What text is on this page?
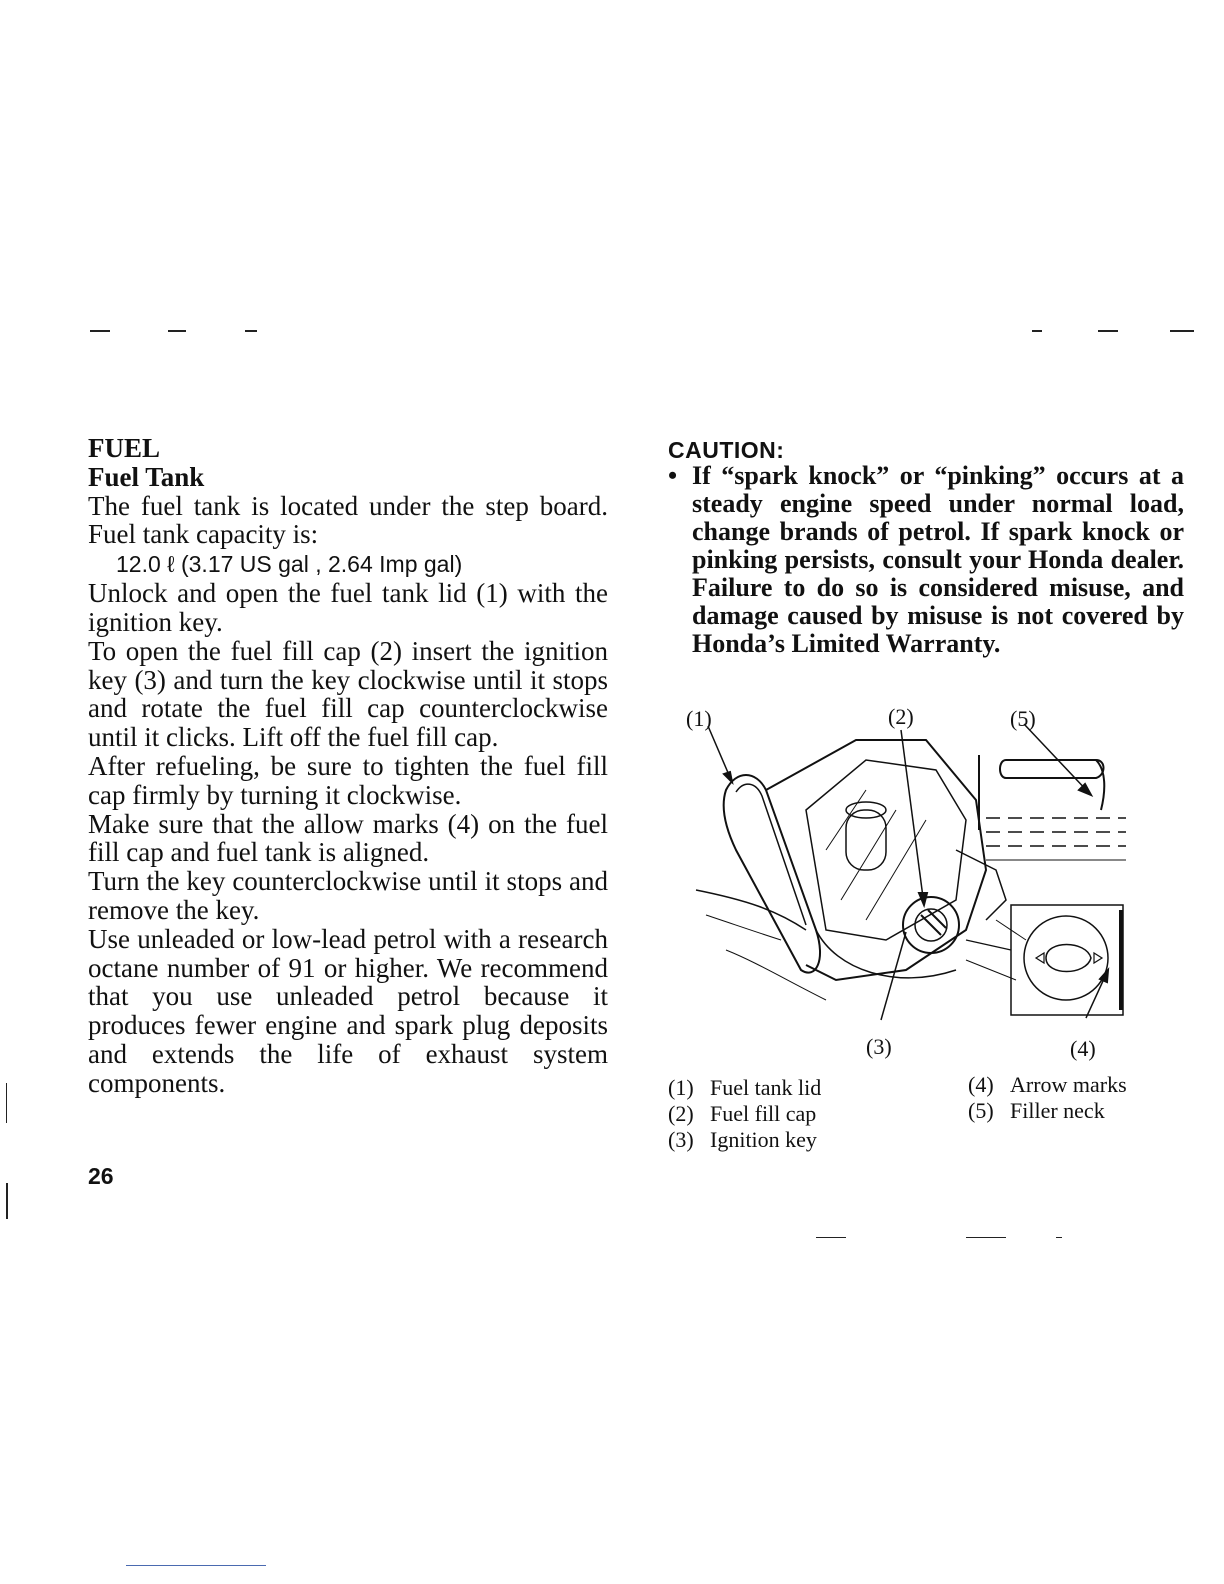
FUEL
Fuel Tank

The fuel tank is located under the step board. Fuel tank capacity is:

12.0 ℓ (3.17 US gal , 2.64 Imp gal)

Unlock and open the fuel tank lid (1) with the ignition key.

To open the fuel fill cap (2) insert the ignition key (3) and turn the key clockwise until it stops and rotate the fuel fill cap counterclockwise until it clicks. Lift off the fuel fill cap.

After refueling, be sure to tighten the fuel fill cap firmly by turning it clockwise.

Make sure that the allow marks (4) on the fuel fill cap and fuel tank is aligned.

Turn the key counterclockwise until it stops and remove the key.

Use unleaded or low-lead petrol with a research octane number of 91 or higher. We recommend that you use unleaded petrol because it produces fewer engine and spark plug deposits and extends the life of exhaust system components.

CAUTION:
• If “spark knock” or “pinking” occurs at a steady engine speed under normal load, change brands of petrol. If spark knock or pinking persists, consult your Honda dealer. Failure to do so is considered misuse, and damage caused by misuse is not covered by Honda’s Limited Warranty.
(1)	(2)	(5)
(3)	(4)
(1) Fuel tank lid
(2) Fuel fill cap
(3) Ignition key
(4) Arrow marks
(5) Filler neck
26
